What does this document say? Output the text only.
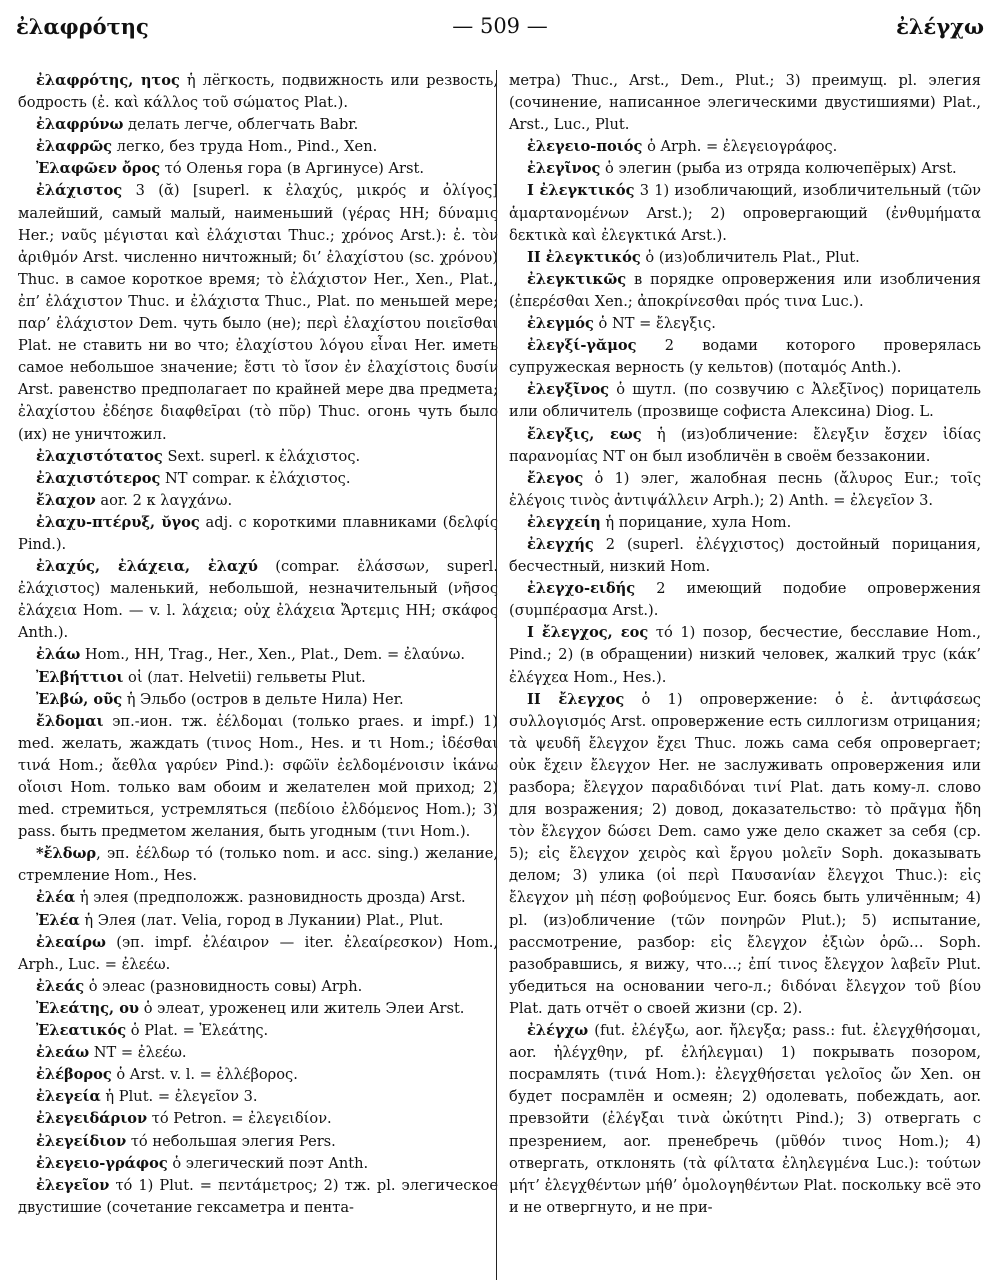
ἐλαφρότης	— 509 —	ἐλέγχω

ἐλαφρότης, ητος ἡ лёгкость, подвижность или резвость, бодрость (ἐ. καὶ κάλλος τοῦ σώματος Plat.).

ἐλαφρύνω делать легче, облегчать Babr.

ἐλαφρῶς легко, без труда Hom., Pind., Xen.

Ἐλαφῶεν ὄρος τό Оленья гора (в Аргинусе) Arst.

ἐλάχιστος 3 (ᾰ) [superl. к ἐλαχύς, μικρός и ὀλίγος] малейший, самый малый, наименьший (γέρας HH; δύναμις Her.; ναῦς μέγισται καὶ ἐλάχισται Thuc.; χρόνος Arst.): ἐ. τὸν ἀριθμόν Arst. численно ничтожный; δι’ ἐλαχίστου (sc. χρόνου) Thuc. в самое короткое время; τὸ ἐλάχιστον Her., Xen., Plat., ἐπ’ ἐλάχιστον Thuc. и ἐλάχιστα Thuc., Plat. по меньшей мере; παρ’ ἐλάχιστον Dem. чуть было (не); περὶ ἐλαχίστου ποιεῖσθαι Plat. не ставить ни во что; ἐλαχίστου λόγου εἶναι Her. иметь самое небольшое значение; ἔστι τὸ ἴσον ἐν ἐλαχίστοις δυσίν Arst. равенство предполагает по крайней мере два предмета; ἐλαχίστου ἐδέησε διαφθεῖραι (τὸ πῦρ) Thuc. огонь чуть было (их) не уничтожил.

ἐλαχιστότατος Sext. superl. к ἐλάχιστος.

ἐλαχιστότερος NT compar. к ἐλάχιστος.

ἔλαχον aor. 2 к λαγχάνω.

ἐλαχυ-πτέρυξ, ῠγος adj. с короткими плавниками (δελφίς Pind.).

ἐλαχύς, ἐλάχεια, ἐλαχύ (compar. ἐλάσσων, superl. ἐλάχιστος) маленький, небольшой, незначительный (νῆσος ἐλάχεια Hom. — v. l. λάχεια; οὐχ ἐλάχεια Ἄρτεμις HH; σκάφος Anth.).

ἐλάω Hom., HH, Trag., Her., Xen., Plat., Dem. = ἐλαύνω.

Ἐλβήττιοι οἱ (лат. Helvetii) гельветы Plut.

Ἐλβώ, οῦς ἡ Эльбо (остров в дельте Нила) Her.

ἔλδομαι эп.-ион. тж. ἐέλδομαι (только praes. и impf.) 1) med. желать, жаждать (τινος Hom., Hes. и τι Hom.; ἰδέσθαι τινά Hom.; ἄεθλα γαρύεν Pind.): σφῶϊν ἐελδομένοισιν ἱκάνω οἴοισι Hom. только вам обоим и желателен мой приход; 2) med. стремиться, устремляться (πεδίοιο ἐλδόμενος Hom.); 3) pass. быть предметом желания, быть угодным (τινι Hom.).

*ἔλδωρ, эп. ἐέλδωρ τό (только nom. и acc. sing.) желание, стремление Hom., Hes.

ἐλέα ἡ элея (предположж. разновидность дрозда) Arst.

Ἐλέα ἡ Элея (лат. Velia, город в Лукании) Plat., Plut.

ἐλεαίρω (эп. impf. ἐλέαιρον — iter. ἐλεαίρεσκον) Hom., Arph., Luc. = ἐλεέω.

ἐλεάς ὁ элеас (разновидность совы) Arph.

Ἐλεάτης, ου ὁ элеат, уроженец или житель Элеи Arst.

Ἐλεατικός ὁ Plat. = Ἐλεάτης.

ἐλεάω NT = ἐλεέω.

ἐλέβορος ὁ Arst. v. l. = ἐλλέβορος.

ἐλεγεία ἡ Plut. = ἐλεγεῖον 3.

ἐλεγειδάριον τό Petron. = ἐλεγειδίον.

ἐλεγείδιον τό небольшая элегия Pers.

ἐλεγειο-γράφος ὁ элегический поэт Anth.

ἐλεγεῖον τό 1) Plut. = πεντάμετρος; 2) тж. pl. элегическое двустишие (сочетание гексаметра и пента-

метра) Thuc., Arst., Dem., Plut.; 3) преимущ. pl. элегия (сочинение, написанное элегическими двустишиями) Plat., Arst., Luc., Plut.

ἐλεγειο-ποιός ὁ Arph. = ἐλεγειογράφος.

ἐλεγῖνος ὁ элегин (рыба из отряда колючепёрых) Arst.

I ἐλεγκτικός 3 1) изобличающий, изобличительный (τῶν ἁμαρτανομένων Arst.); 2) опровергающий (ἐνθυμήματα δεκτικὰ καὶ ἐλεγκτικά Arst.).

II ἐλεγκτικός ὁ (из)обличитель Plat., Plut.

ἐλεγκτικῶς в порядке опровержения или изобличения (ἐπερέσθαι Xen.; ἀποκρίνεσθαι πρός τινα Luc.).

ἐλεγμός ὁ NT = ἔλεγξις.

ἐλεγξί-γᾰμος 2 водами которого проверялась супружеская верность (у кельтов) (ποταμός Anth.).

ἐλεγξῖνος ὁ шутл. (по созвучию с Ἀλεξῖνος) порицатель или обличитель (прозвище софиста Алексина) Diog. L.

ἔλεγξις, εως ἡ (из)обличение: ἔλεγξιν ἔσχεν ἰδίας παρανομίας NT он был изобличён в своём беззаконии.

ἔλεγος ὁ 1) элег, жалобная песнь (ἄλυρος Eur.; τοῖς ἐλέγοις τινὸς ἀντιψάλλειν Arph.); 2) Anth. = ἐλεγεῖον 3.

ἐλεγχείη ἡ порицание, хула Hom.

ἐλεγχής 2 (superl. ἐλέγχιστος) достойный порицания, бесчестный, низкий Hom.

ἐλεγχο-ειδής 2 имеющий подобие опровержения (συμπέρασμα Arst.).

I ἔλεγχος, εος τό 1) позор, бесчестие, бесславие Hom., Pind.; 2) (в обращении) низкий человек, жалкий трус (κάκ’ ἐλέγχεα Hom., Hes.).

II ἔλεγχος ὁ 1) опровержение: ὁ ἐ. ἀντιφάσεως συλλογισμός Arst. опровержение есть силлогизм отрицания; τὰ ψευδῆ ἔλεγχον ἔχει Thuc. ложь сама себя опровергает; οὐκ ἔχειν ἔλεγχον Her. не заслуживать опровержения или разбора; ἔλεγχον παραδιδόναι τινί Plat. дать кому-л. слово для возражения; 2) довод, доказательство: τὸ πρᾶγμα ἤδη τὸν ἔλεγχον δώσει Dem. само уже дело скажет за себя (ср. 5); εἰς ἔλεγχον χειρὸς καὶ ἔργου μολεῖν Soph. доказывать делом; 3) улика (οἱ περὶ Παυσανίαν ἔλεγχοι Thuc.): εἰς ἔλεγχον μὴ πέσῃ φοβούμενος Eur. боясь быть уличённым; 4) pl. (из)обличение (τῶν πονηρῶν Plut.); 5) испытание, рассмотрение, разбор: εἰς ἔλεγχον ἐξιὼν ὁρῶ… Soph. разобравшись, я вижу, что…; ἐπί τινος ἔλεγχον λαβεῖν Plut. убедиться на основании чего-л.; διδόναι ἔλεγχον τοῦ βίου Plat. дать отчёт о своей жизни (ср. 2).

ἐλέγχω (fut. ἐλέγξω, aor. ἤλεγξα; pass.: fut. ἐλεγχθήσομαι, aor. ἠλέγχθην, pf. ἐλήλεγμαι) 1) покрывать позором, посрамлять (τινά Hom.): ἐλεγχθήσεται γελοῖος ὤν Xen. он будет посрамлён и осмеян; 2) одолевать, побеждать, aor. превзойти (ἐλέγξαι τινὰ ὠκύτητι Pind.); 3) отвергать с презрением, aor. пренебречь (μῦθόν τινος Hom.); 4) отвергать, отклонять (τὰ φίλτατα ἐληλεγμένα Luc.): τούτων μήτ’ ἐλεγχθέντων μήθ’ ὁμολογηθέντων Plat. поскольку всё это и не отвергнуто, и не при-
